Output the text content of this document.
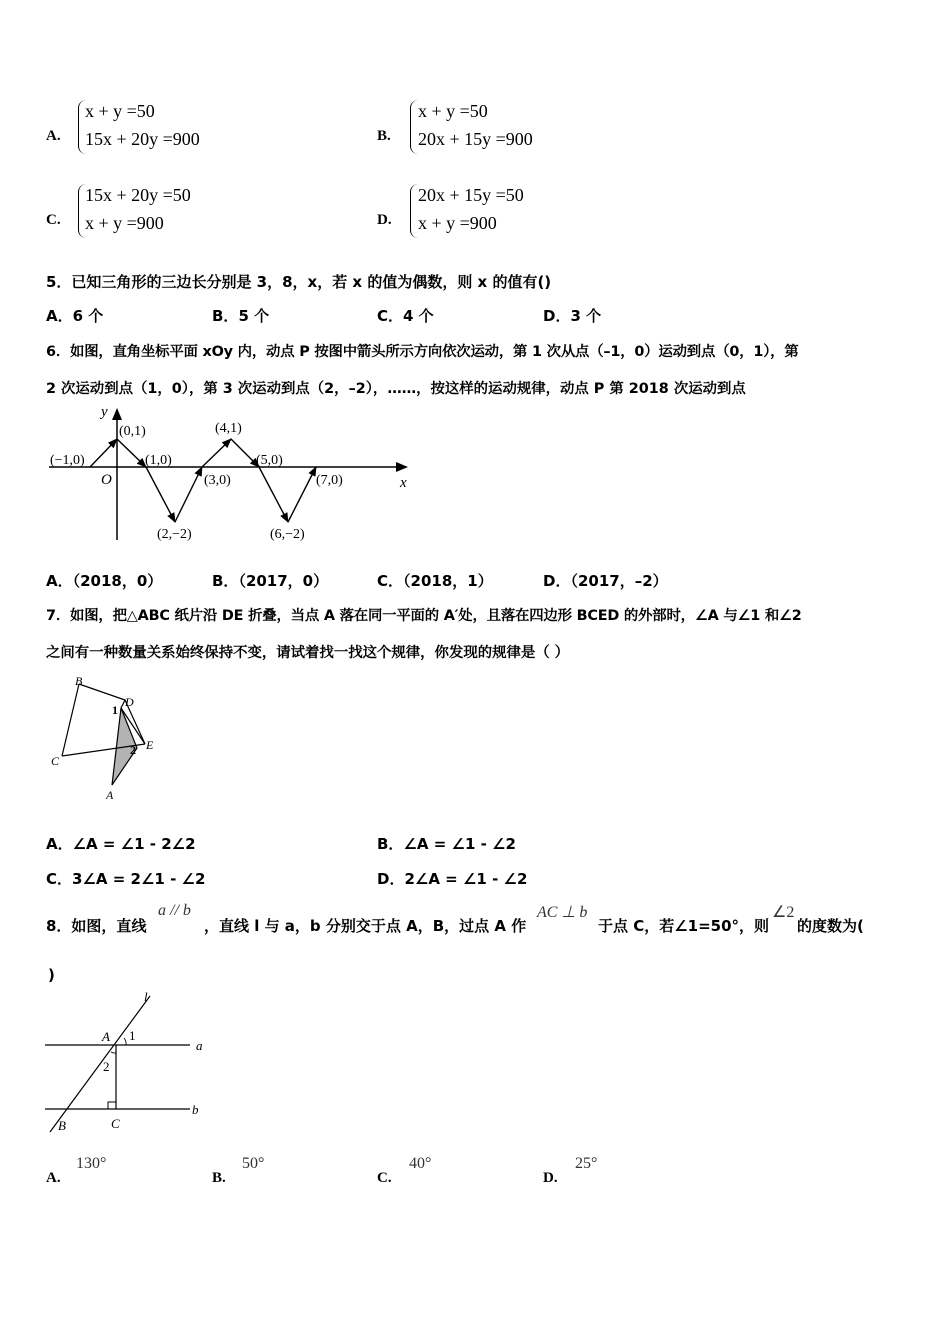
A.
x + y =50
15x + 20y =900	B.
x + y =50
20x + 15y =900
C.
15x + 20y =50
x + y =900	D.
20x + 15y =50
x + y =900
5．已知三角形的三边长分别是 3，8，x，若 x 的值为偶数，则 x 的值有()
A．6 个	B．5 个	C．4 个	D．3 个
6．如图，直角坐标平面 xOy 内，动点 P 按图中箭头所示方向依次运动，第 1 次从点（–1，0）运动到点（0，1），第
2 次运动到点（1，0），第 3 次运动到点（2，–2），……，按这样的运动规律，动点 P 第 2018 次运动到点
x
y
O
(−1,0)
(0,1)
(1,0)
(2,−2)
(3,0)
(4,1)
(5,0)
(6,−2)
(7,0)
A．（2018，0）	B．（2017，0）	C．（2018，1）	D．（2017，–2）
7．如图，把△ABC 纸片沿 DE 折叠，当点 A 落在同一平面的 A′处，且落在四边形 BCED 的外部时，∠A 与∠1 和∠2
之间有一种数量关系始终保持不变，请试着找一找这个规律，你发现的规律是（ ）
B
D
1
E
2
C
A
A．∠A = ∠1 - 2∠2	B．∠A = ∠1 - ∠2
C．3∠A = 2∠1 - ∠2	D．2∠A = ∠1 - ∠2
8．如图，直线
a // b
，直线 l 与 a，b 分别交于点 A，B，过点 A 作
AC ⊥ b
于点 C，若∠1=50°，则
∠2
的度数为(
)
l
A 1
a
2
b
B	C
A.
130°
B.
50°
C.
40°
D.
25°
